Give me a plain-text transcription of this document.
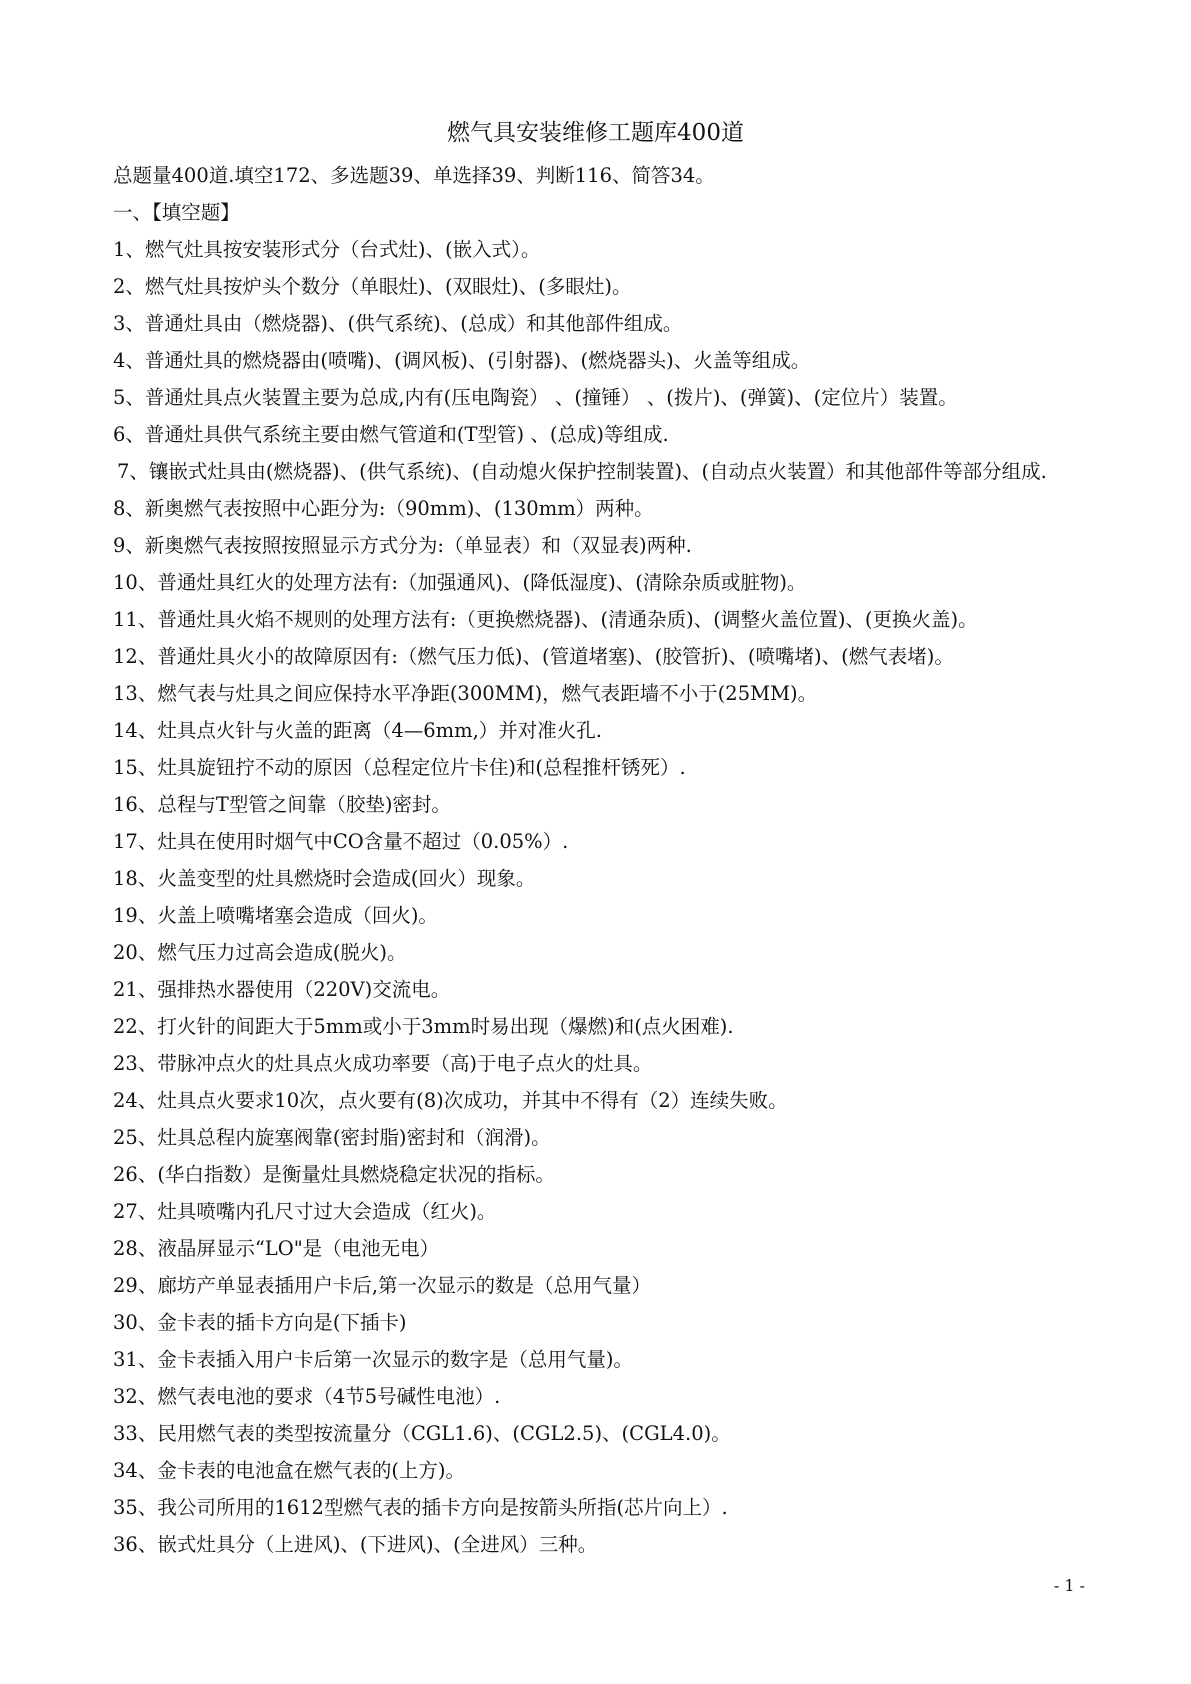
燃气具安装维修工题库400道

总题量400道.填空172、多选题39、单选择39、判断116、简答34。

一、【填空题】

1、燃气灶具按安装形式分（台式灶)、(嵌入式）。

2、燃气灶具按炉头个数分（单眼灶)、(双眼灶)、(多眼灶)。

3、普通灶具由（燃烧器)、(供气系统)、(总成）和其他部件组成。

4、普通灶具的燃烧器由(喷嘴)、(调风板)、(引射器)、(燃烧器头)、火盖等组成。

5、普通灶具点火装置主要为总成,内有(压电陶瓷） 、(撞锤） 、(拨片)、(弹簧)、(定位片）装置。

6、普通灶具供气系统主要由燃气管道和(T型管) 、(总成)等组成.

7、镶嵌式灶具由(燃烧器)、(供气系统)、(自动熄火保护控制装置)、(自动点火装置）和其他部件等部分组成.

8、新奥燃气表按照中心距分为:（90mm)、(130mm）两种。

9、新奥燃气表按照按照显示方式分为:（单显表）和（双显表)两种.

10、普通灶具红火的处理方法有:（加强通风)、(降低湿度)、(清除杂质或脏物)。

11、普通灶具火焰不规则的处理方法有:（更换燃烧器)、(清通杂质)、(调整火盖位置)、(更换火盖)。

12、普通灶具火小的故障原因有:（燃气压力低)、(管道堵塞)、(胶管折)、(喷嘴堵)、(燃气表堵)。

13、燃气表与灶具之间应保持水平净距(300MM)，燃气表距墙不小于(25MM)。

14、灶具点火针与火盖的距离（4—6mm,）并对准火孔.

15、灶具旋钮拧不动的原因（总程定位片卡住)和(总程推杆锈死）.

16、总程与T型管之间靠（胶垫)密封。

17、灶具在使用时烟气中CO含量不超过（0.05%）.

18、火盖变型的灶具燃烧时会造成(回火）现象。

19、火盖上喷嘴堵塞会造成（回火)。

20、燃气压力过高会造成(脱火)。

21、强排热水器使用（220V)交流电。

22、打火针的间距大于5mm或小于3mm时易出现（爆燃)和(点火困难).

23、带脉冲点火的灶具点火成功率要（高)于电子点火的灶具。

24、灶具点火要求10次，点火要有(8)次成功，并其中不得有（2）连续失败。

25、灶具总程内旋塞阀靠(密封脂)密封和（润滑)。

26、(华白指数）是衡量灶具燃烧稳定状况的指标。

27、灶具喷嘴内孔尺寸过大会造成（红火)。

28、液晶屏显示“LO"是（电池无电）

29、廊坊产单显表插用户卡后,第一次显示的数是（总用气量）

30、金卡表的插卡方向是(下插卡)

31、金卡表插入用户卡后第一次显示的数字是（总用气量)。

32、燃气表电池的要求（4节5号碱性电池）.

33、民用燃气表的类型按流量分（CGL1.6)、(CGL2.5)、(CGL4.0)。

34、金卡表的电池盒在燃气表的(上方)。

35、我公司所用的1612型燃气表的插卡方向是按箭头所指(芯片向上）.

36、嵌式灶具分（上进风)、(下进风)、(全进风）三种。

- 1 -
